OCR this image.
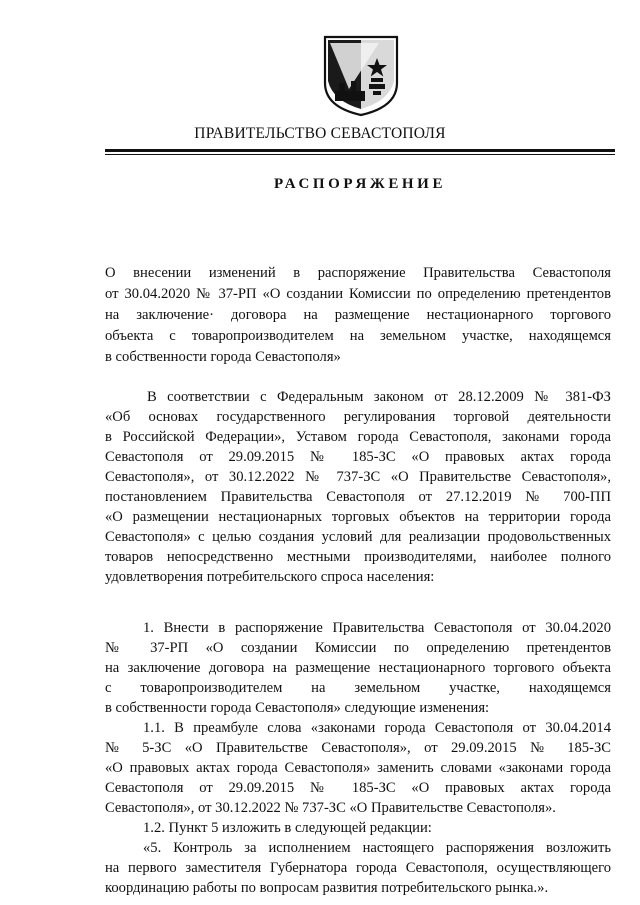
ПРАВИТЕЛЬСТВО СЕВАСТОПОЛЯ
РАСПОРЯЖЕНИЕ
О внесении изменений в распоряжение Правительства Севастополя
от 30.04.2020 № 37-РП «О создании Комиссии по определению претендентов
на заключение· договора на размещение нестационарного торгового
объекта с товаропроизводителем на земельном участке, находящемся
в собственности города Севастополя»
В соответствии с Федеральным законом от 28.12.2009 № 381-ФЗ
«Об основах государственного регулирования торговой деятельности
в Российской Федерации», Уставом города Севастополя, законами города
Севастополя от 29.09.2015 № 185-ЗС «О правовых актах города
Севастополя», от 30.12.2022 № 737-ЗС «О Правительстве Севастополя»,
постановлением Правительства Севастополя от 27.12.2019 № 700-ПП
«О размещении нестационарных торговых объектов на территории города
Севастополя» с целью создания условий для реализации продовольственных
товаров непосредственно местными производителями, наиболее полного
удовлетворения потребительского спроса населения:
1. Внести в распоряжение Правительства Севастополя от 30.04.2020
№ 37-РП «О создании Комиссии по определению претендентов
на заключение договора на размещение нестационарного торгового объекта
с товаропроизводителем на земельном участке, находящемся
в собственности города Севастополя» следующие изменения:
1.1. В преамбуле слова «законами города Севастополя от 30.04.2014
№ 5-ЗС «О Правительстве Севастополя», от 29.09.2015 № 185-ЗС
«О правовых актах города Севастополя» заменить словами «законами города
Севастополя от 29.09.2015 № 185-ЗС «О правовых актах города
Севастополя», от 30.12.2022 № 737-ЗС «О Правительстве Севастополя».
1.2. Пункт 5 изложить в следующей редакции:
«5. Контроль за исполнением настоящего распоряжения возложить
на первого заместителя Губернатора города Севастополя, осуществляющего
координацию работы по вопросам развития потребительского рынка.».
